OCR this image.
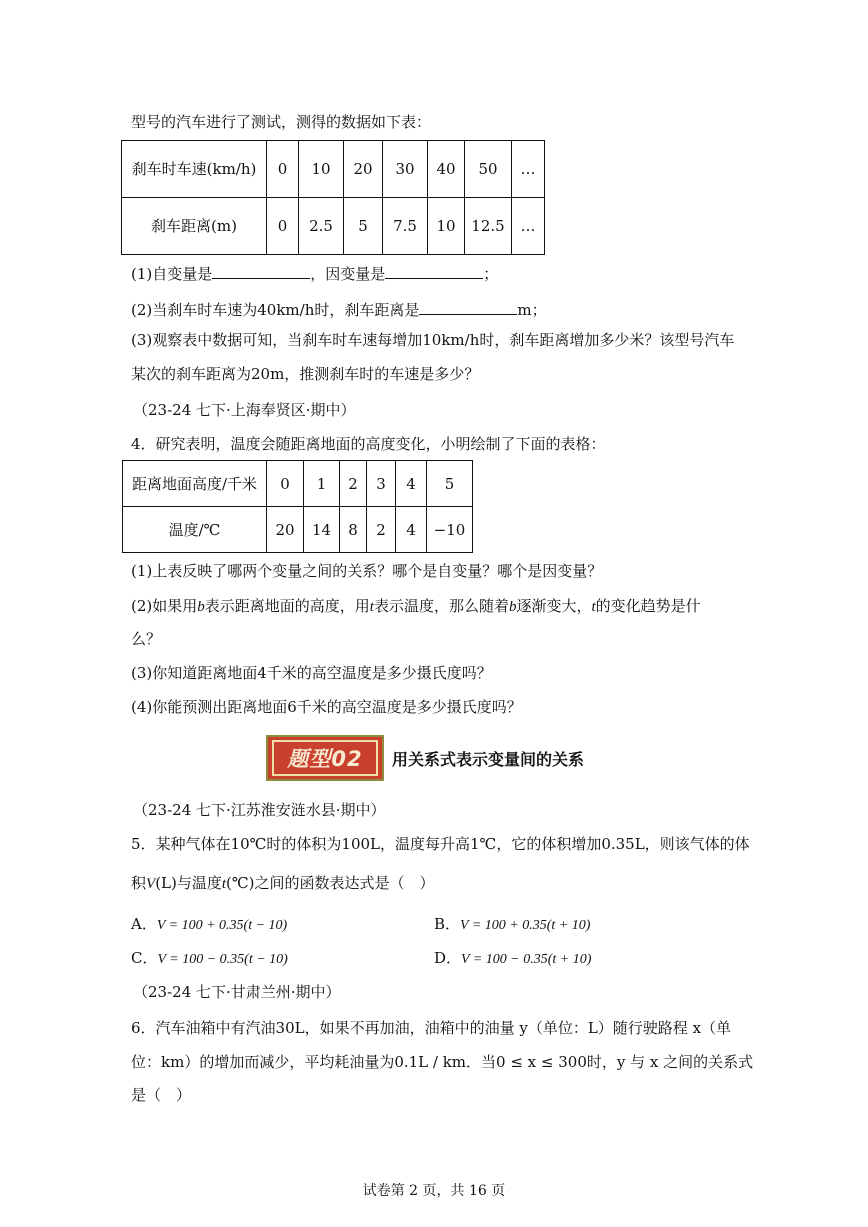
型号的汽车进行了测试，测得的数据如下表：
刹车时车速(km/h)	0	10	20	30	40	50	…
刹车距离(m)	0	2.5	5	7.5	10	12.5	…
(1)自变量是	，因变量是	；
(2)当刹车时车速为40km/h时，刹车距离是	m；
(3)观察表中数据可知，当刹车时车速每增加10km/h时，刹车距离增加多少米？该型号汽车
某次的刹车距离为20m，推测刹车时的车速是多少？
（23-24 七下·上海奉贤区·期中）
4．研究表明，温度会随距离地面的高度变化，小明绘制了下面的表格：
距离地面高度/千米	0	1	2	3	4	5
温度/℃	20	14	8	2	4	−10
(1)上表反映了哪两个变量之间的关系？哪个是自变量？哪个是因变量？
(2)如果用b表示距离地面的高度，用t表示温度，那么随着b逐渐变大，t的变化趋势是什
么？
(3)你知道距离地面4千米的高空温度是多少摄氏度吗？
(4)你能预测出距离地面6千米的高空温度是多少摄氏度吗？
题型02	用关系式表示变量间的关系
（23-24 七下·江苏淮安涟水县·期中）
5．某种气体在10℃时的体积为100L，温度每升高1℃，它的体积增加0.35L，则该气体的体
积V(L)与温度t(℃)之间的函数表达式是（　）
A．V = 100 + 0.35(t − 10)	B．V = 100 + 0.35(t + 10)
C．V = 100 − 0.35(t − 10)	D．V = 100 − 0.35(t + 10)
（23-24 七下·甘肃兰州·期中）
6．汽车油箱中有汽油30L，如果不再加油，油箱中的油量 y（单位：L）随行驶路程 x（单
位：km）的增加而减少，平均耗油量为0.1L / km．当0 ≤ x ≤ 300时，y 与 x 之间的关系式
是（　）
试卷第 2 页，共 16 页
